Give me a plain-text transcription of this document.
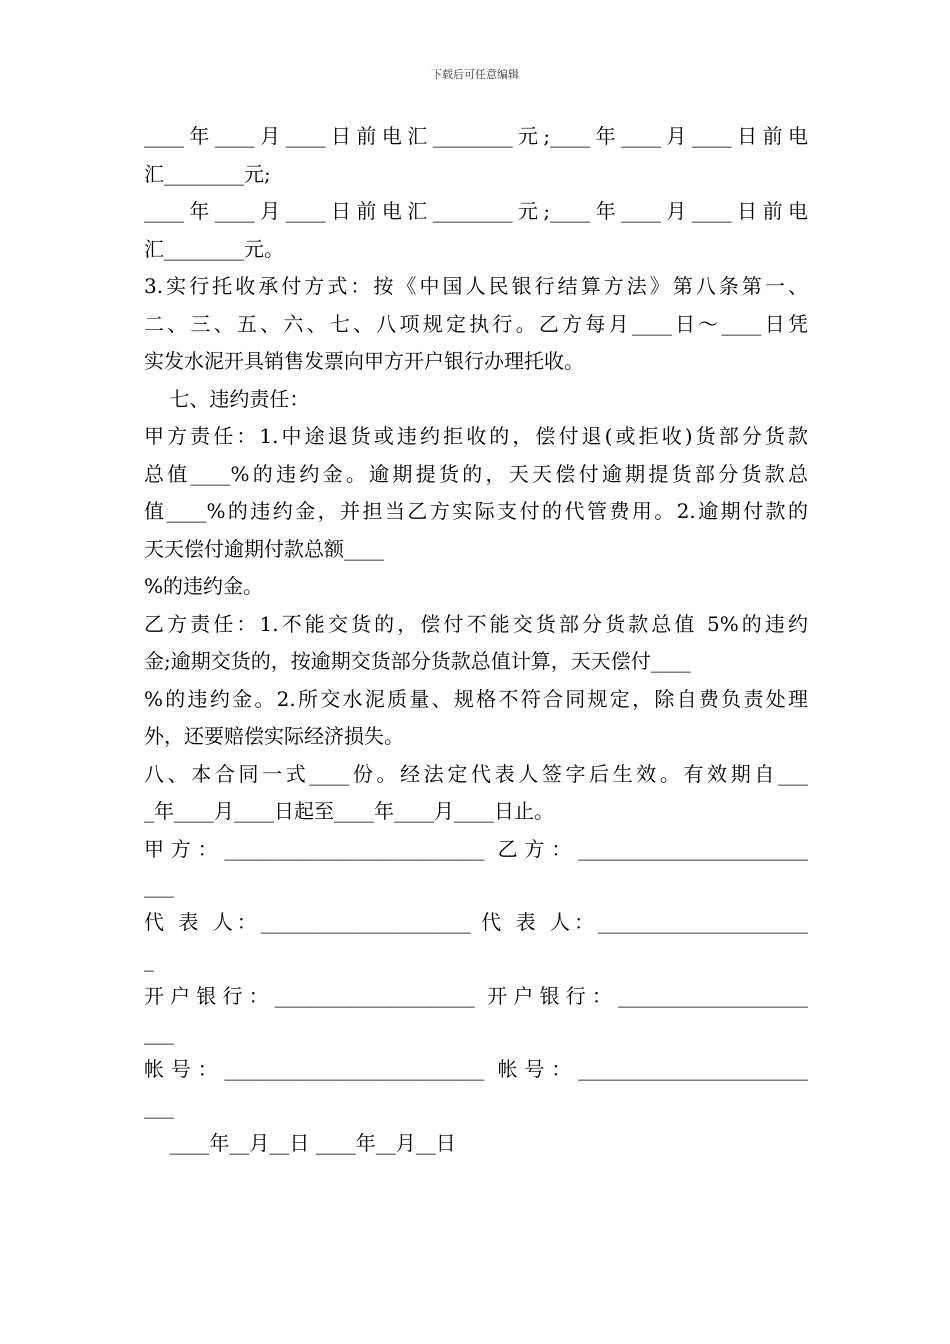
下载后可任意编辑
____年____月____日前电汇________元;____年____月____日前电
汇________元;
____年____月____日前电汇________元;____年____月____日前电
汇________元。
3.实行托收承付方式：按《中国人民银行结算方法》第八条第一、
二、三、五、六、七、八项规定执行。乙方每月____日～____日凭
实发水泥开具销售发票向甲方开户银行办理托收。
七、违约责任：
甲方责任：1.中途退货或违约拒收的，偿付退(或拒收)货部分货款
总值____%的违约金。逾期提货的，天天偿付逾期提货部分货款总
值____%的违约金，并担当乙方实际支付的代管费用。2.逾期付款的
天天偿付逾期付款总额____
%的违约金。
乙方责任：1.不能交货的，偿付不能交货部分货款总值 5%的违约
金;逾期交货的，按逾期交货部分货款总值计算，天天偿付____
%的违约金。2.所交水泥质量、规格不符合同规定，除自费负责处理
外，还要赔偿实际经济损失。
八、本合同一式____份。经法定代表人签字后生效。有效期自___
_年____月____日起至____年____月____日止。
甲方：__________________________ 乙方：_______________________
___
代 表 人：_____________________ 代 表 人：_____________________
_
开户银行：____________________ 开户银行：___________________
___
帐号：__________________________ 帐号：_______________________
___
____年__月__日 ____年__月__日
